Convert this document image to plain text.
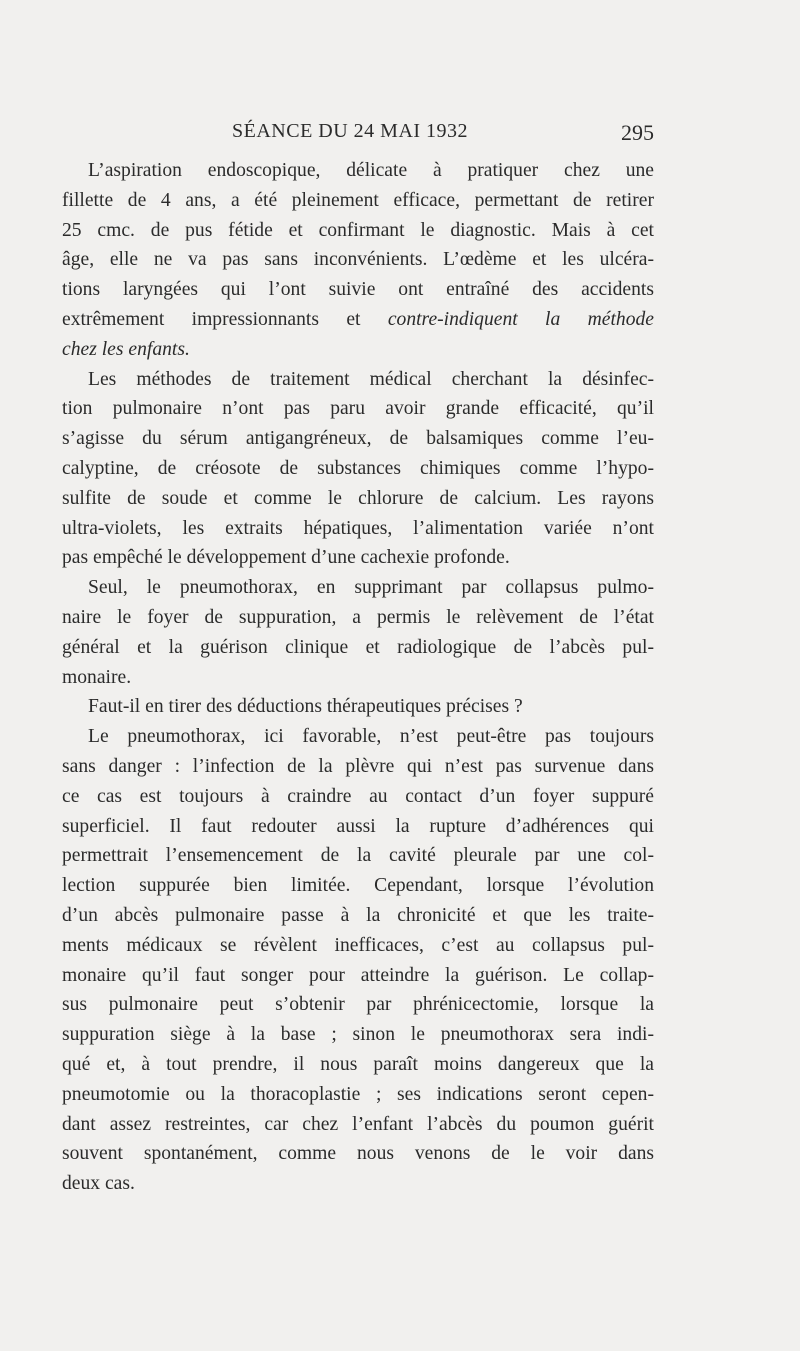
SÉANCE DU 24 MAI 1932	295
L’aspiration endoscopique, délicate à pratiquer chez une
fillette de 4 ans, a été pleinement efficace, permettant de retirer
25 cmc. de pus fétide et confirmant le diagnostic. Mais à cet
âge, elle ne va pas sans inconvénients. L’œdème et les ulcéra-
tions laryngées qui l’ont suivie ont entraîné des accidents
extrêmement impressionnants et contre-indiquent la méthode
chez les enfants.
Les méthodes de traitement médical cherchant la désinfec-
tion pulmonaire n’ont pas paru avoir grande efficacité, qu’il
s’agisse du sérum antigangréneux, de balsamiques comme l’eu-
calyptine, de créosote de substances chimiques comme l’hypo-
sulfite de soude et comme le chlorure de calcium. Les rayons
ultra-violets, les extraits hépatiques, l’alimentation variée n’ont
pas empêché le développement d’une cachexie profonde.
Seul, le pneumothorax, en supprimant par collapsus pulmo-
naire le foyer de suppuration, a permis le relèvement de l’état
général et la guérison clinique et radiologique de l’abcès pul-
monaire.
Faut-il en tirer des déductions thérapeutiques précises ?
Le pneumothorax, ici favorable, n’est peut-être pas toujours
sans danger : l’infection de la plèvre qui n’est pas survenue dans
ce cas est toujours à craindre au contact d’un foyer suppuré
superficiel. Il faut redouter aussi la rupture d’adhérences qui
permettrait l’ensemencement de la cavité pleurale par une col-
lection suppurée bien limitée. Cependant, lorsque l’évolution
d’un abcès pulmonaire passe à la chronicité et que les traite-
ments médicaux se révèlent inefficaces, c’est au collapsus pul-
monaire qu’il faut songer pour atteindre la guérison. Le collap-
sus pulmonaire peut s’obtenir par phrénicectomie, lorsque la
suppuration siège à la base ; sinon le pneumothorax sera indi-
qué et, à tout prendre, il nous paraît moins dangereux que la
pneumotomie ou la thoracoplastie ; ses indications seront cepen-
dant assez restreintes, car chez l’enfant l’abcès du poumon guérit
souvent spontanément, comme nous venons de le voir dans
deux cas.
